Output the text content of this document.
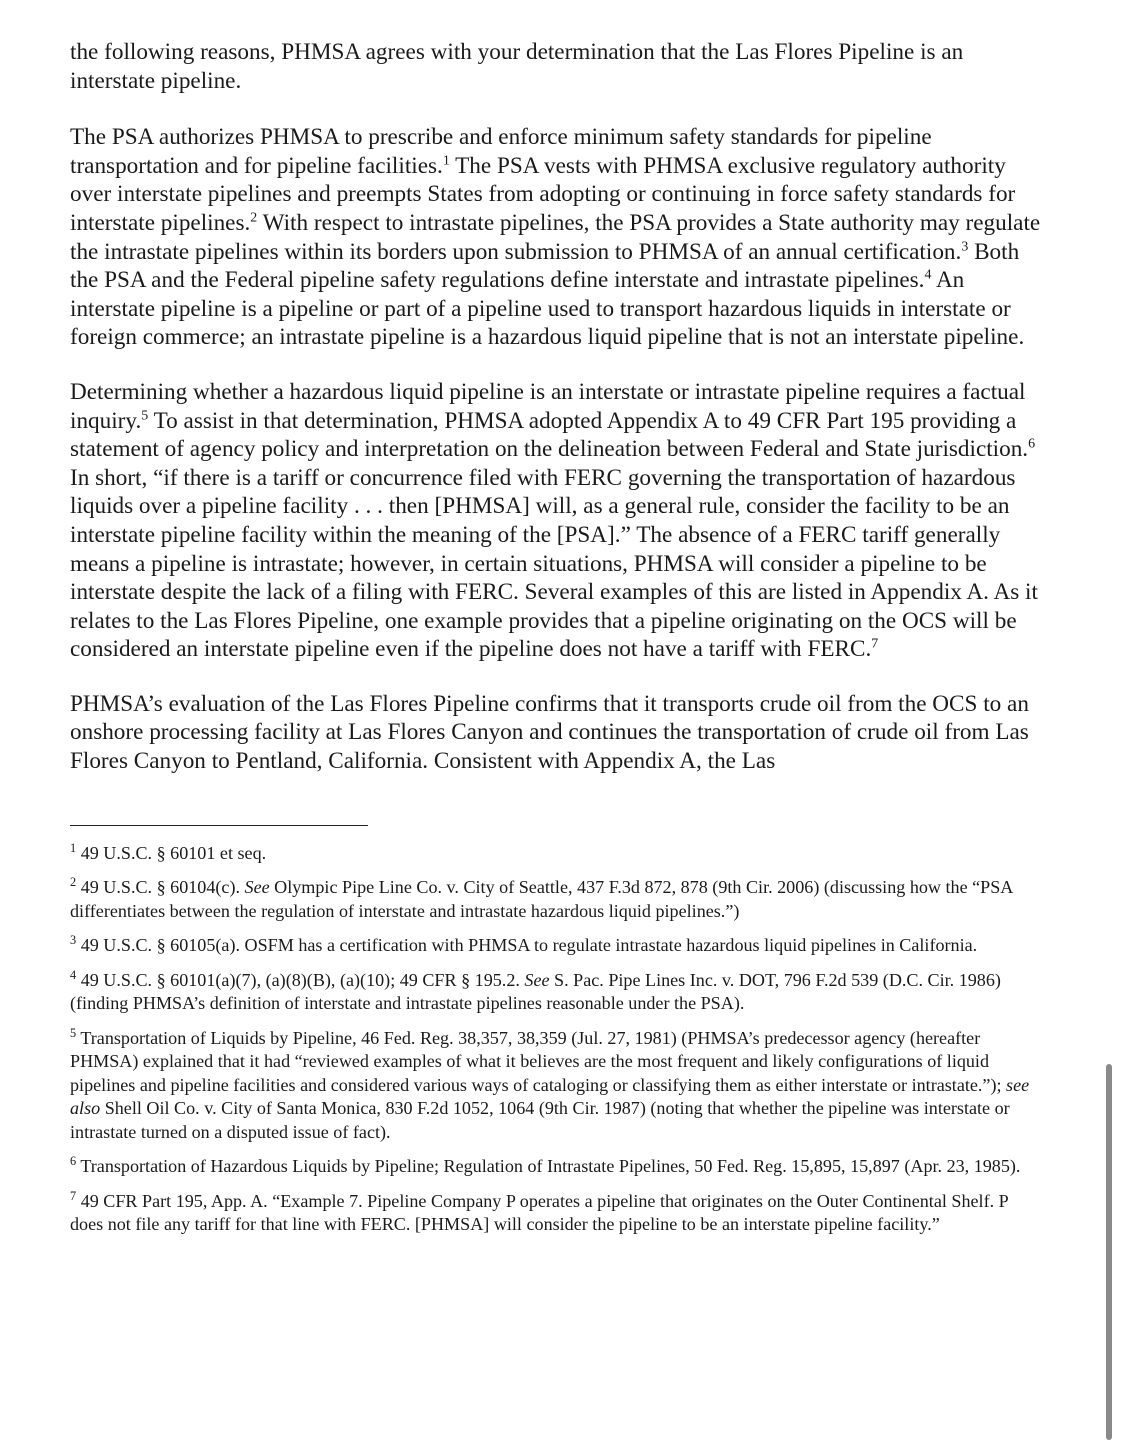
the following reasons, PHMSA agrees with your determination that the Las Flores Pipeline is an interstate pipeline.

The PSA authorizes PHMSA to prescribe and enforce minimum safety standards for pipeline transportation and for pipeline facilities.$^1$ The PSA vests with PHMSA exclusive regulatory authority over interstate pipelines and preempts States from adopting or continuing in force safety standards for interstate pipelines.$^2$ With respect to intrastate pipelines, the PSA provides a State authority may regulate the intrastate pipelines within its borders upon submission to PHMSA of an annual certification.$^3$ Both the PSA and the Federal pipeline safety regulations define interstate and intrastate pipelines.$^4$ An interstate pipeline is a pipeline or part of a pipeline used to transport hazardous liquids in interstate or foreign commerce; an intrastate pipeline is a hazardous liquid pipeline that is not an interstate pipeline.

Determining whether a hazardous liquid pipeline is an interstate or intrastate pipeline requires a factual inquiry.$^5$ To assist in that determination, PHMSA adopted Appendix A to 49 CFR Part 195 providing a statement of agency policy and interpretation on the delineation between Federal and State jurisdiction.$^6$ In short, “if there is a tariff or concurrence filed with FERC governing the transportation of hazardous liquids over a pipeline facility . . . then [PHMSA] will, as a general rule, consider the facility to be an interstate pipeline facility within the meaning of the [PSA].” The absence of a FERC tariff generally means a pipeline is intrastate; however, in certain situations, PHMSA will consider a pipeline to be interstate despite the lack of a filing with FERC. Several examples of this are listed in Appendix A. As it relates to the Las Flores Pipeline, one example provides that a pipeline originating on the OCS will be considered an interstate pipeline even if the pipeline does not have a tariff with FERC.$^7$

PHMSA’s evaluation of the Las Flores Pipeline confirms that it transports crude oil from the OCS to an onshore processing facility at Las Flores Canyon and continues the transportation of crude oil from Las Flores Canyon to Pentland, California. Consistent with Appendix A, the Las

$^1$ 49 U.S.C. § 60101 et seq.

$^2$ 49 U.S.C. § 60104(c). See Olympic Pipe Line Co. v. City of Seattle, 437 F.3d 872, 878 (9th Cir. 2006) (discussing how the “PSA differentiates between the regulation of interstate and intrastate hazardous liquid pipelines.”)

$^3$ 49 U.S.C. § 60105(a). OSFM has a certification with PHMSA to regulate intrastate hazardous liquid pipelines in California.

$^4$ 49 U.S.C. § 60101(a)(7), (a)(8)(B), (a)(10); 49 CFR § 195.2. See S. Pac. Pipe Lines Inc. v. DOT, 796 F.2d 539 (D.C. Cir. 1986) (finding PHMSA’s definition of interstate and intrastate pipelines reasonable under the PSA).

$^5$ Transportation of Liquids by Pipeline, 46 Fed. Reg. 38,357, 38,359 (Jul. 27, 1981) (PHMSA’s predecessor agency (hereafter PHMSA) explained that it had “reviewed examples of what it believes are the most frequent and likely configurations of liquid pipelines and pipeline facilities and considered various ways of cataloging or classifying them as either interstate or intrastate.”); see also Shell Oil Co. v. City of Santa Monica, 830 F.2d 1052, 1064 (9th Cir. 1987) (noting that whether the pipeline was interstate or intrastate turned on a disputed issue of fact).

$^6$ Transportation of Hazardous Liquids by Pipeline; Regulation of Intrastate Pipelines, 50 Fed. Reg. 15,895, 15,897 (Apr. 23, 1985).

$^7$ 49 CFR Part 195, App. A. “Example 7. Pipeline Company P operates a pipeline that originates on the Outer Continental Shelf. P does not file any tariff for that line with FERC. [PHMSA] will consider the pipeline to be an interstate pipeline facility.”
